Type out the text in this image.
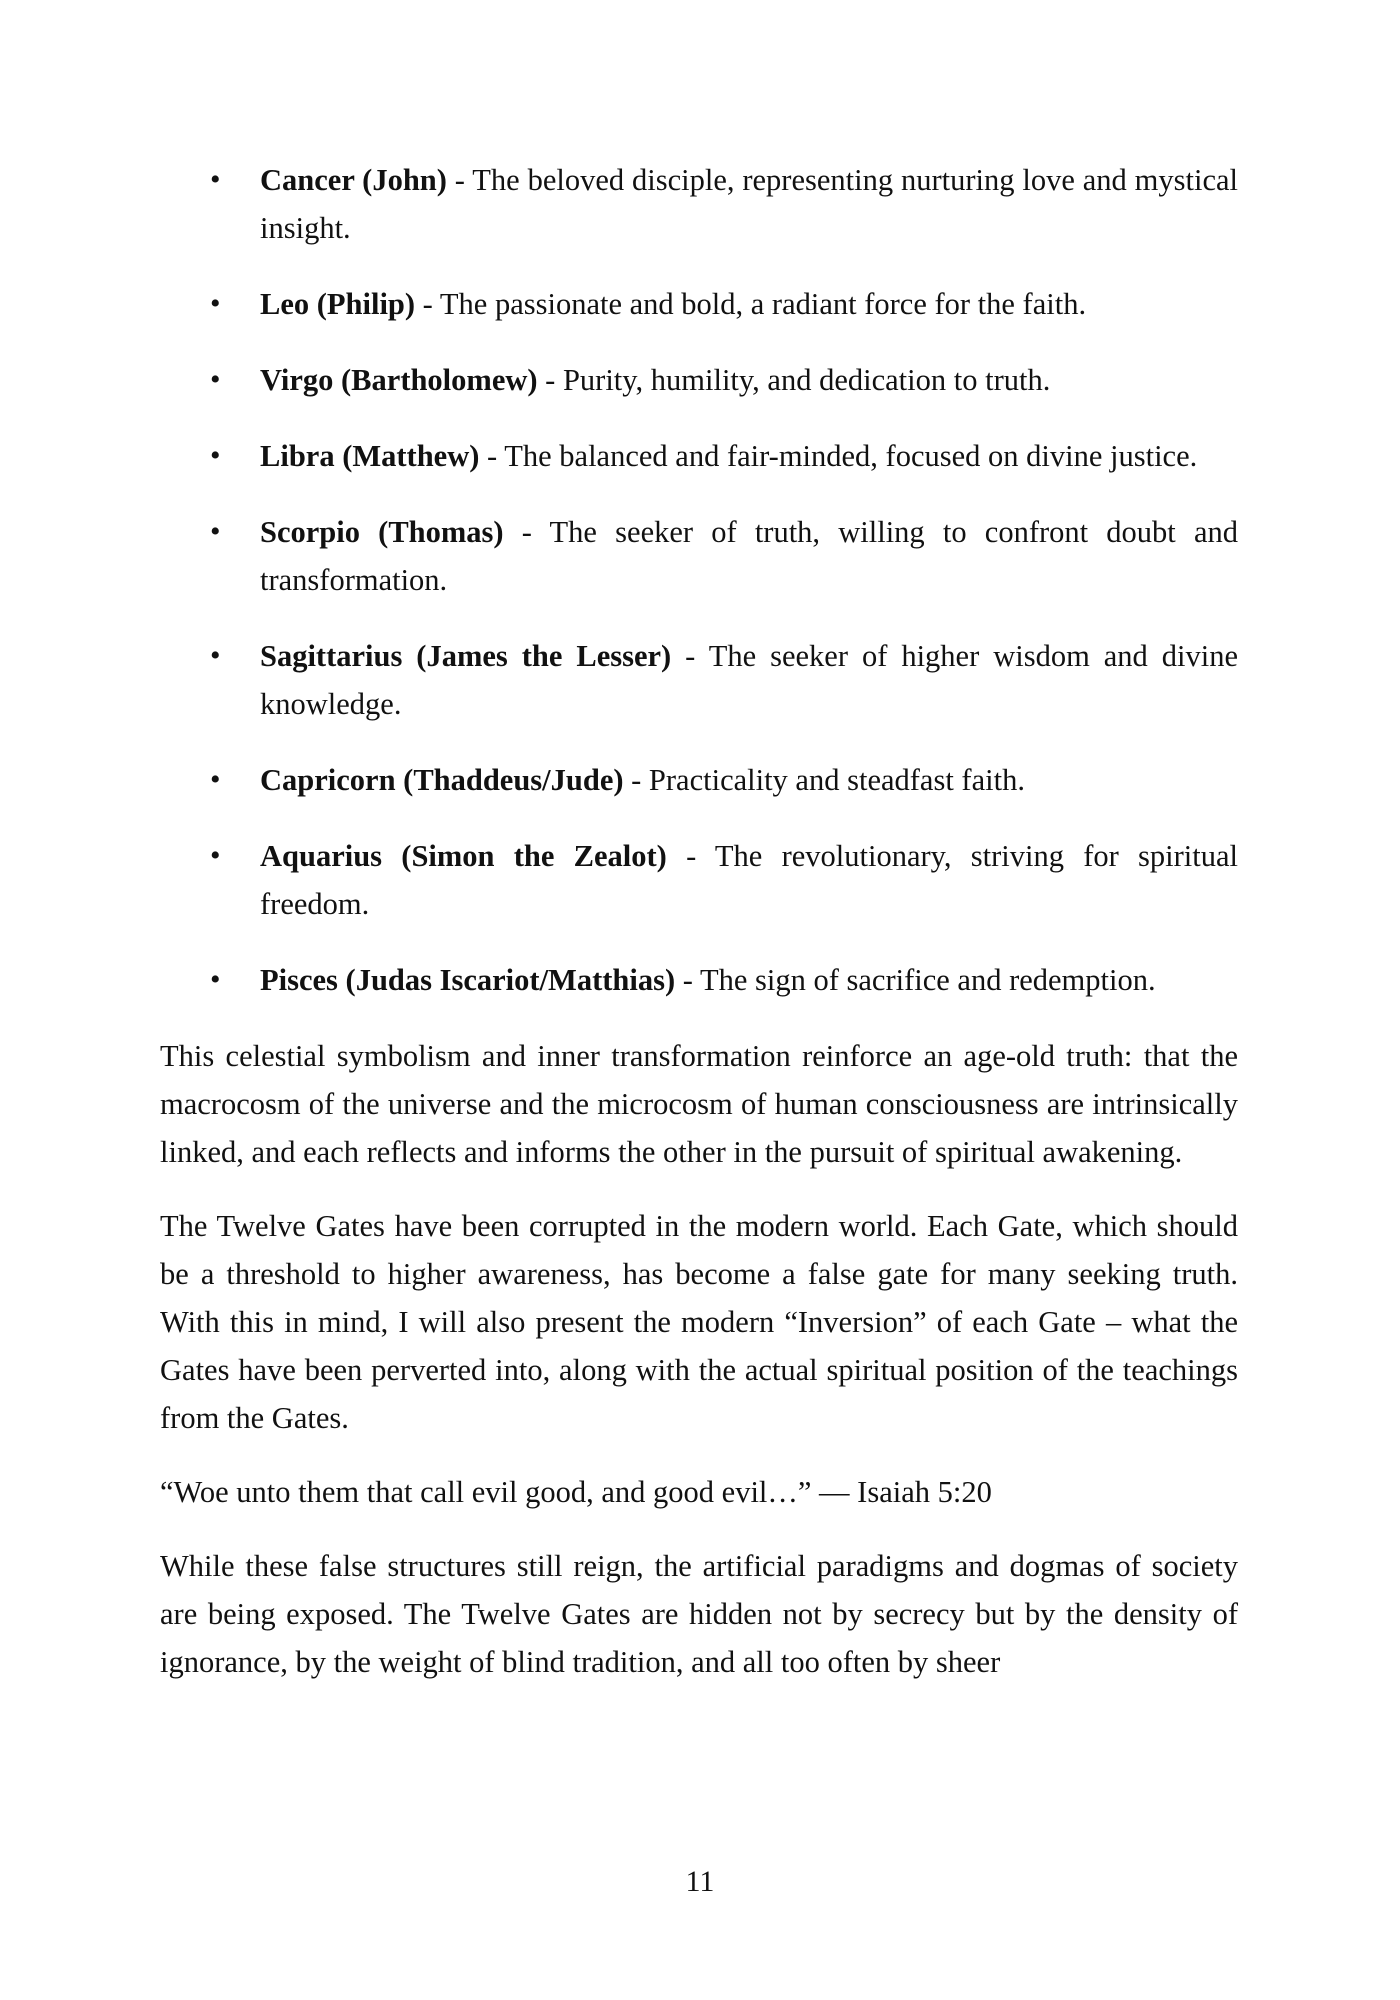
• Cancer (John) - The beloved disciple, representing nurturing love and mystical insight.
• Leo (Philip) - The passionate and bold, a radiant force for the faith.
• Virgo (Bartholomew) - Purity, humility, and dedication to truth.
• Libra (Matthew) - The balanced and fair-minded, focused on divine justice.
• Scorpio (Thomas) - The seeker of truth, willing to confront doubt and transformation.
• Sagittarius (James the Lesser) - The seeker of higher wisdom and divine knowledge.
• Capricorn (Thaddeus/Jude) - Practicality and steadfast faith.
• Aquarius (Simon the Zealot) - The revolutionary, striving for spiritual freedom.
• Pisces (Judas Iscariot/Matthias) - The sign of sacrifice and redemption.

This celestial symbolism and inner transformation reinforce an age-old truth: that the macrocosm of the universe and the microcosm of human consciousness are intrinsically linked, and each reflects and informs the other in the pursuit of spiritual awakening.

The Twelve Gates have been corrupted in the modern world. Each Gate, which should be a threshold to higher awareness, has become a false gate for many seeking truth. With this in mind, I will also present the modern “Inversion” of each Gate – what the Gates have been perverted into, along with the actual spiritual position of the teachings from the Gates.

“Woe unto them that call evil good, and good evil…” — Isaiah 5:20

While these false structures still reign, the artificial paradigms and dogmas of society are being exposed. The Twelve Gates are hidden not by secrecy but by the density of ignorance, by the weight of blind tradition, and all too often by sheer

11
